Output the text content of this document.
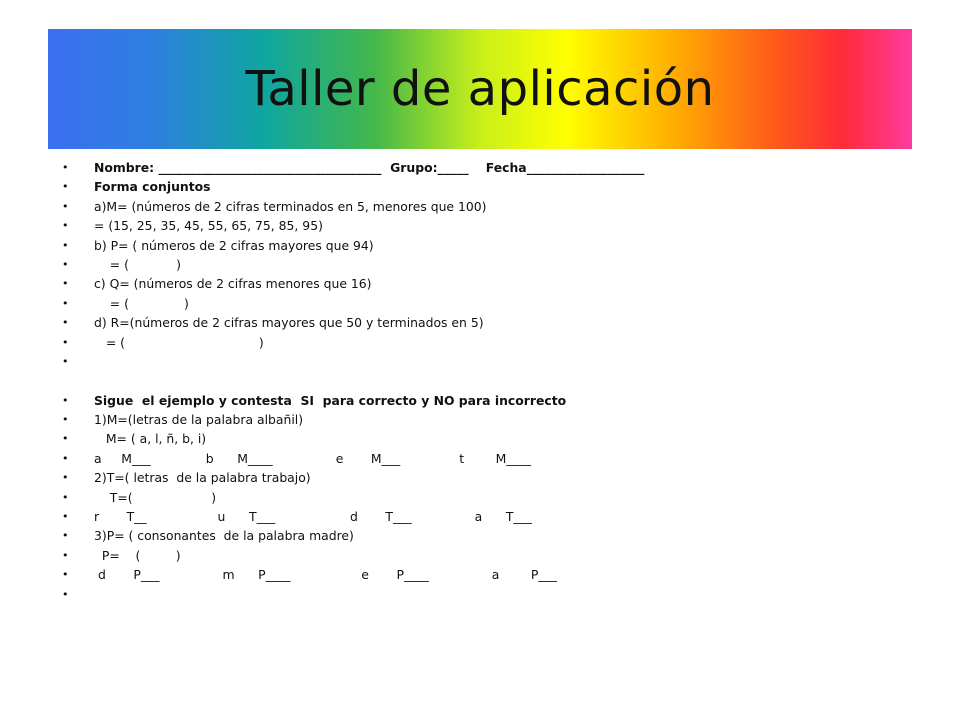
Taller de aplicación
• Nombre: ____________________________________  Grupo:_____    Fecha___________________
• Forma conjuntos
• a)M= (números de 2 cifras terminados en 5, menores que 100)
• = (15, 25, 35, 45, 55, 65, 75, 85, 95)
• b) P= ( números de 2 cifras mayores que 94)
• = (            )
• c) Q= (números de 2 cifras menores que 16)
• = (              )
• d) R=(números de 2 cifras mayores que 50 y terminados en 5)
• = (                                  )
•
• Sigue  el ejemplo y contesta  SI  para correcto y NO para incorrecto
• 1)M=(letras de la palabra albañil)
• M= ( a, l, ñ, b, i)
• a     M___              b      M____                e       M___               t        M____
• 2)T=( letras  de la palabra trabajo)
• T=(                    )
• r       T__                  u      T___                   d       T___                a      T___
• 3)P= ( consonantes  de la palabra madre)
• P=    (         )
• d       P___                m      P____                  e       P____                a        P___
•
